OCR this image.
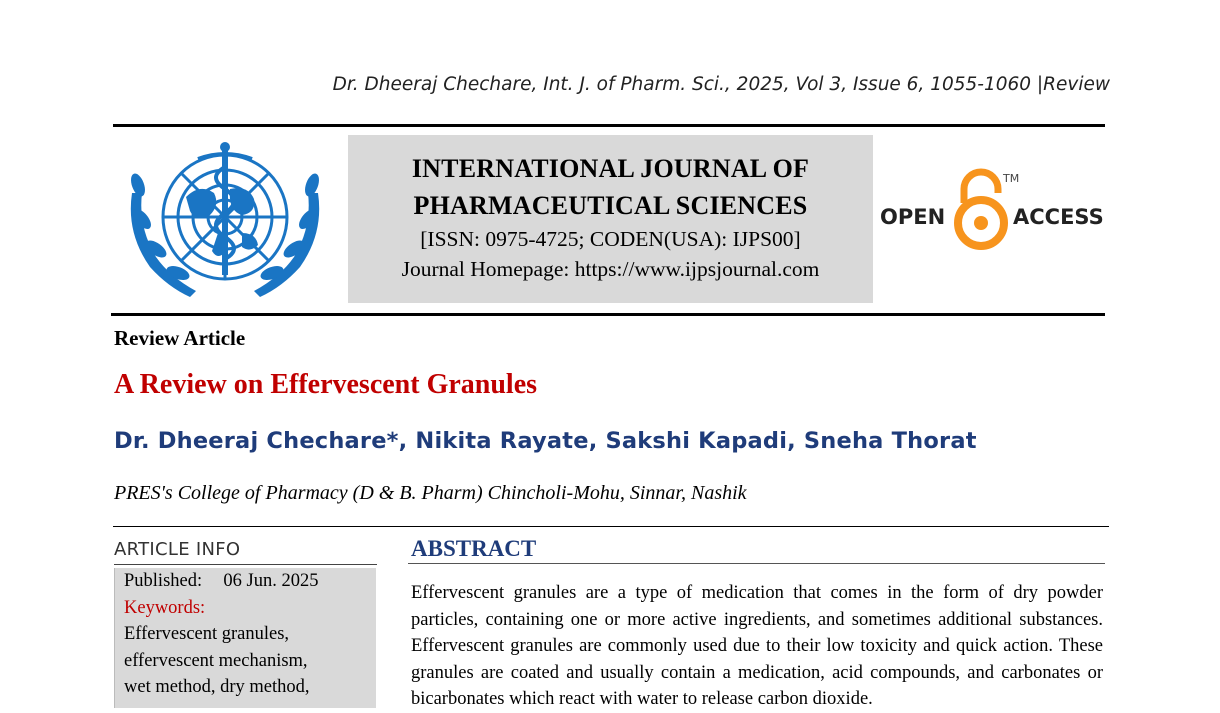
Dr. Dheeraj Chechare, Int. J. of Pharm. Sci., 2025, Vol 3, Issue 6, 1055-1060 |Review
INTERNATIONAL JOURNAL OF
PHARMACEUTICAL SCIENCES
[ISSN: 0975-4725; CODEN(USA): IJPS00]
Journal Homepage: https://www.ijpsjournal.com
OPEN	ACCESS
TM
Review Article
A Review on Effervescent Granules
Dr. Dheeraj Chechare*, Nikita Rayate, Sakshi Kapadi, Sneha Thorat
PRES's College of Pharmacy (D & B. Pharm) Chincholi-Mohu, Sinnar, Nashik
ARTICLE INFO
Published: 06 Jun. 2025
Keywords:
Effervescent granules,
effervescent mechanism,
wet method, dry method,
ABSTRACT
Effervescent granules are a type of medication that comes in the form of dry powder particles, containing one or more active ingredients, and sometimes additional substances. Effervescent granules are commonly used due to their low toxicity and quick action. These granules are coated and usually contain a medication, acid compounds, and carbonates or bicarbonates which react with water to release carbon dioxide.
